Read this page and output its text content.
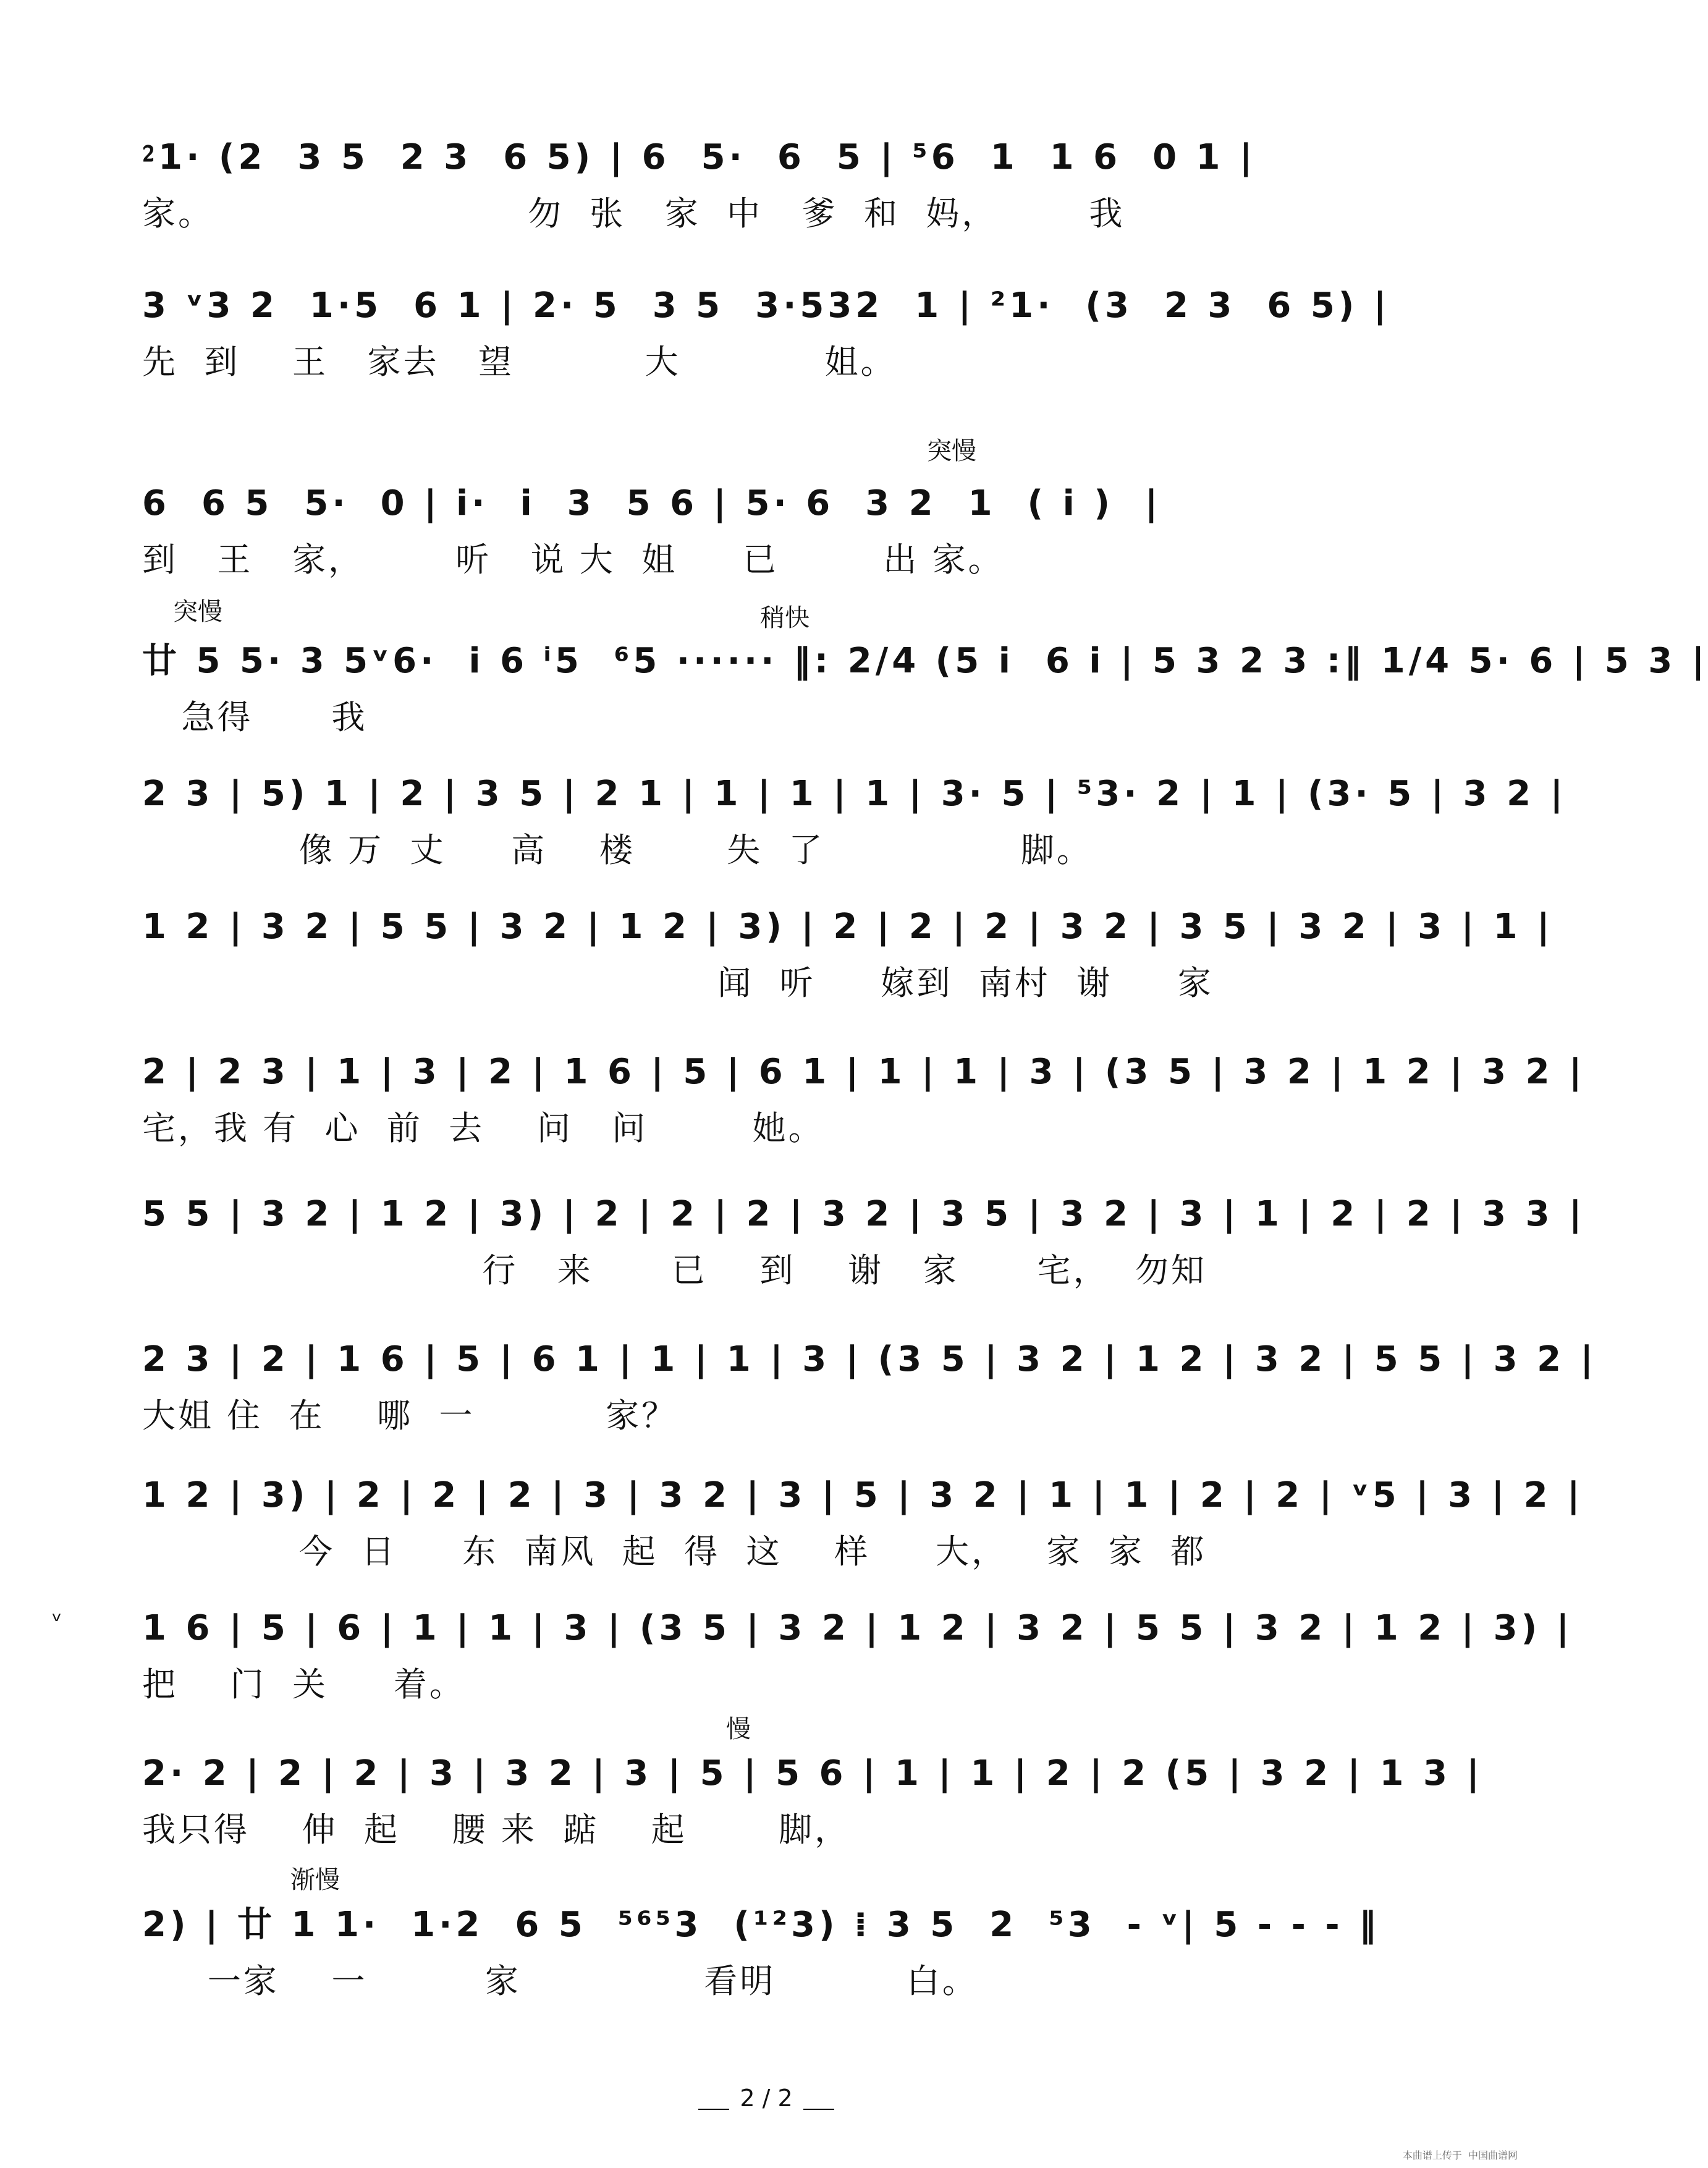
⁲1· (2  3 5  2 3  6 5) | 6  5·  6  5 | ⁵6  1  1 6  0 1 |
家。                        勿  张   家  中   爹  和  妈，       我
3 ᵛ3 2  1·5  6 1 | 2· 5  3 5  3·532  1 | ²1·  (3  2 3  6 5) |
先  到    王   家去   望          大           姐。
突慢
6  6 5  5·  0 | i·  i  3  5 6 | 5· 6  3 2  1  ( i )  |
到   王   家，       听   说 大  姐     已        出 家。
突慢	稍快
廿 5 5· 3 5ᵛ6·  i 6 ⁱ5  ⁶5 ······ ‖: 2/4 (5 i  6 i | 5 3 2 3 :‖ 1/4 5· 6 | 5 3 |
急得      我
2 3 | 5) 1 | 2 | 3 5 | 2 1 | 1 | 1 | 1 | 3· 5 | ⁵3· 2 | 1 | (3· 5 | 3 2 |
像 万  丈     高    楼       失  了               脚。
1 2 | 3 2 | 5 5 | 3 2 | 1 2 | 3) | 2 | 2 | 2 | 3 2 | 3 5 | 3 2 | 3 | 1 |
闻  听     嫁到  南村  谢     家
2 | 2 3 | 1 | 3 | 2 | 1 6 | 5 | 6 1 | 1 | 1 | 3 | (3 5 | 3 2 | 1 2 | 3 2 |
宅，我 有  心  前  去    问   问        她。
5 5 | 3 2 | 1 2 | 3) | 2 | 2 | 2 | 3 2 | 3 5 | 3 2 | 3 | 1 | 2 | 2 | 3 3 |
行   来      已    到    谢   家      宅，  勿知
2 3 | 2 | 1 6 | 5 | 6 1 | 1 | 1 | 3 | (3 5 | 3 2 | 1 2 | 3 2 | 5 5 | 3 2 |
大姐 住  在    哪  一          家？
1 2 | 3) | 2 | 2 | 2 | 3 | 3 2 | 3 | 5 | 3 2 | 1 | 1 | 2 | 2 | ᵛ5 | 3 | 2 |
今  日     东  南风  起  得  这    样     大，   家  家  都
ᵛ 1 6 | 5 | 6 | 1 | 1 | 3 | (3 5 | 3 2 | 1 2 | 3 2 | 5 5 | 3 2 | 1 2 | 3) |
把    门  关     着。
慢
2· 2 | 2 | 2 | 3 | 3 2 | 3 | 5 | 5 6 | 1 | 1 | 2 | 2 (5 | 3 2 | 1 3 |
我只得    伸  起    腰 来  踮    起       脚，
渐慢
2) | 廿 1 1·  1·2  6 5  ⁵⁶⁵3  (¹²3) ⁞ 3 5  2  ⁵3  - ᵛ| 5 - - - ‖
一家    一         家              看明          白。
2 / 2
本曲谱上传于  中国曲谱网
